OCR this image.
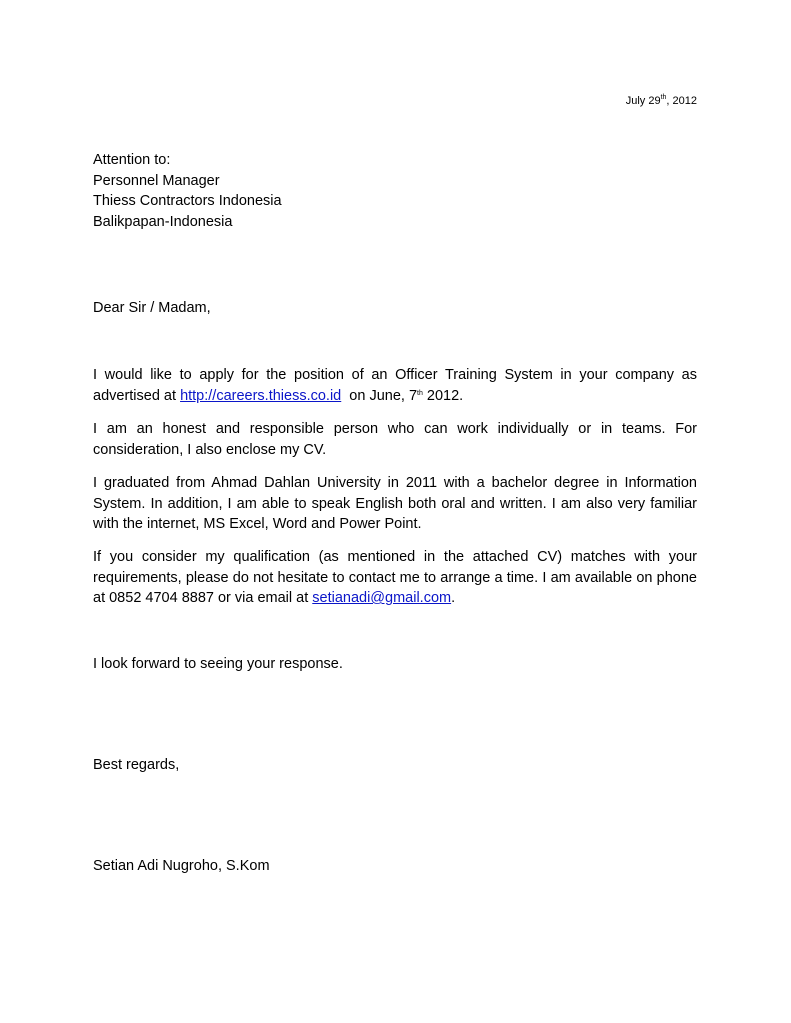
July 29th, 2012

Attention to:

Personnel Manager

Thiess Contractors Indonesia

Balikpapan-Indonesia

Dear Sir / Madam,
I would like to apply for the position of an Officer Training System in your company as advertised at http://careers.thiess.co.id  on June, 7th 2012.
I am an honest and responsible person who can work individually or in teams. For consideration, I also enclose my CV.
I graduated from Ahmad Dahlan University in 2011 with a bachelor degree in Information System. In addition, I am able to speak English both oral and written. I am also very familiar with the internet, MS Excel, Word and Power Point.
If you consider my qualification (as mentioned in the attached CV) matches with your requirements, please do not hesitate to contact me to arrange a time. I am available on phone at 0852 4704 8887 or via email at setianadi@gmail.com.
I look forward to seeing your response.
Best regards,
Setian Adi Nugroho, S.Kom
